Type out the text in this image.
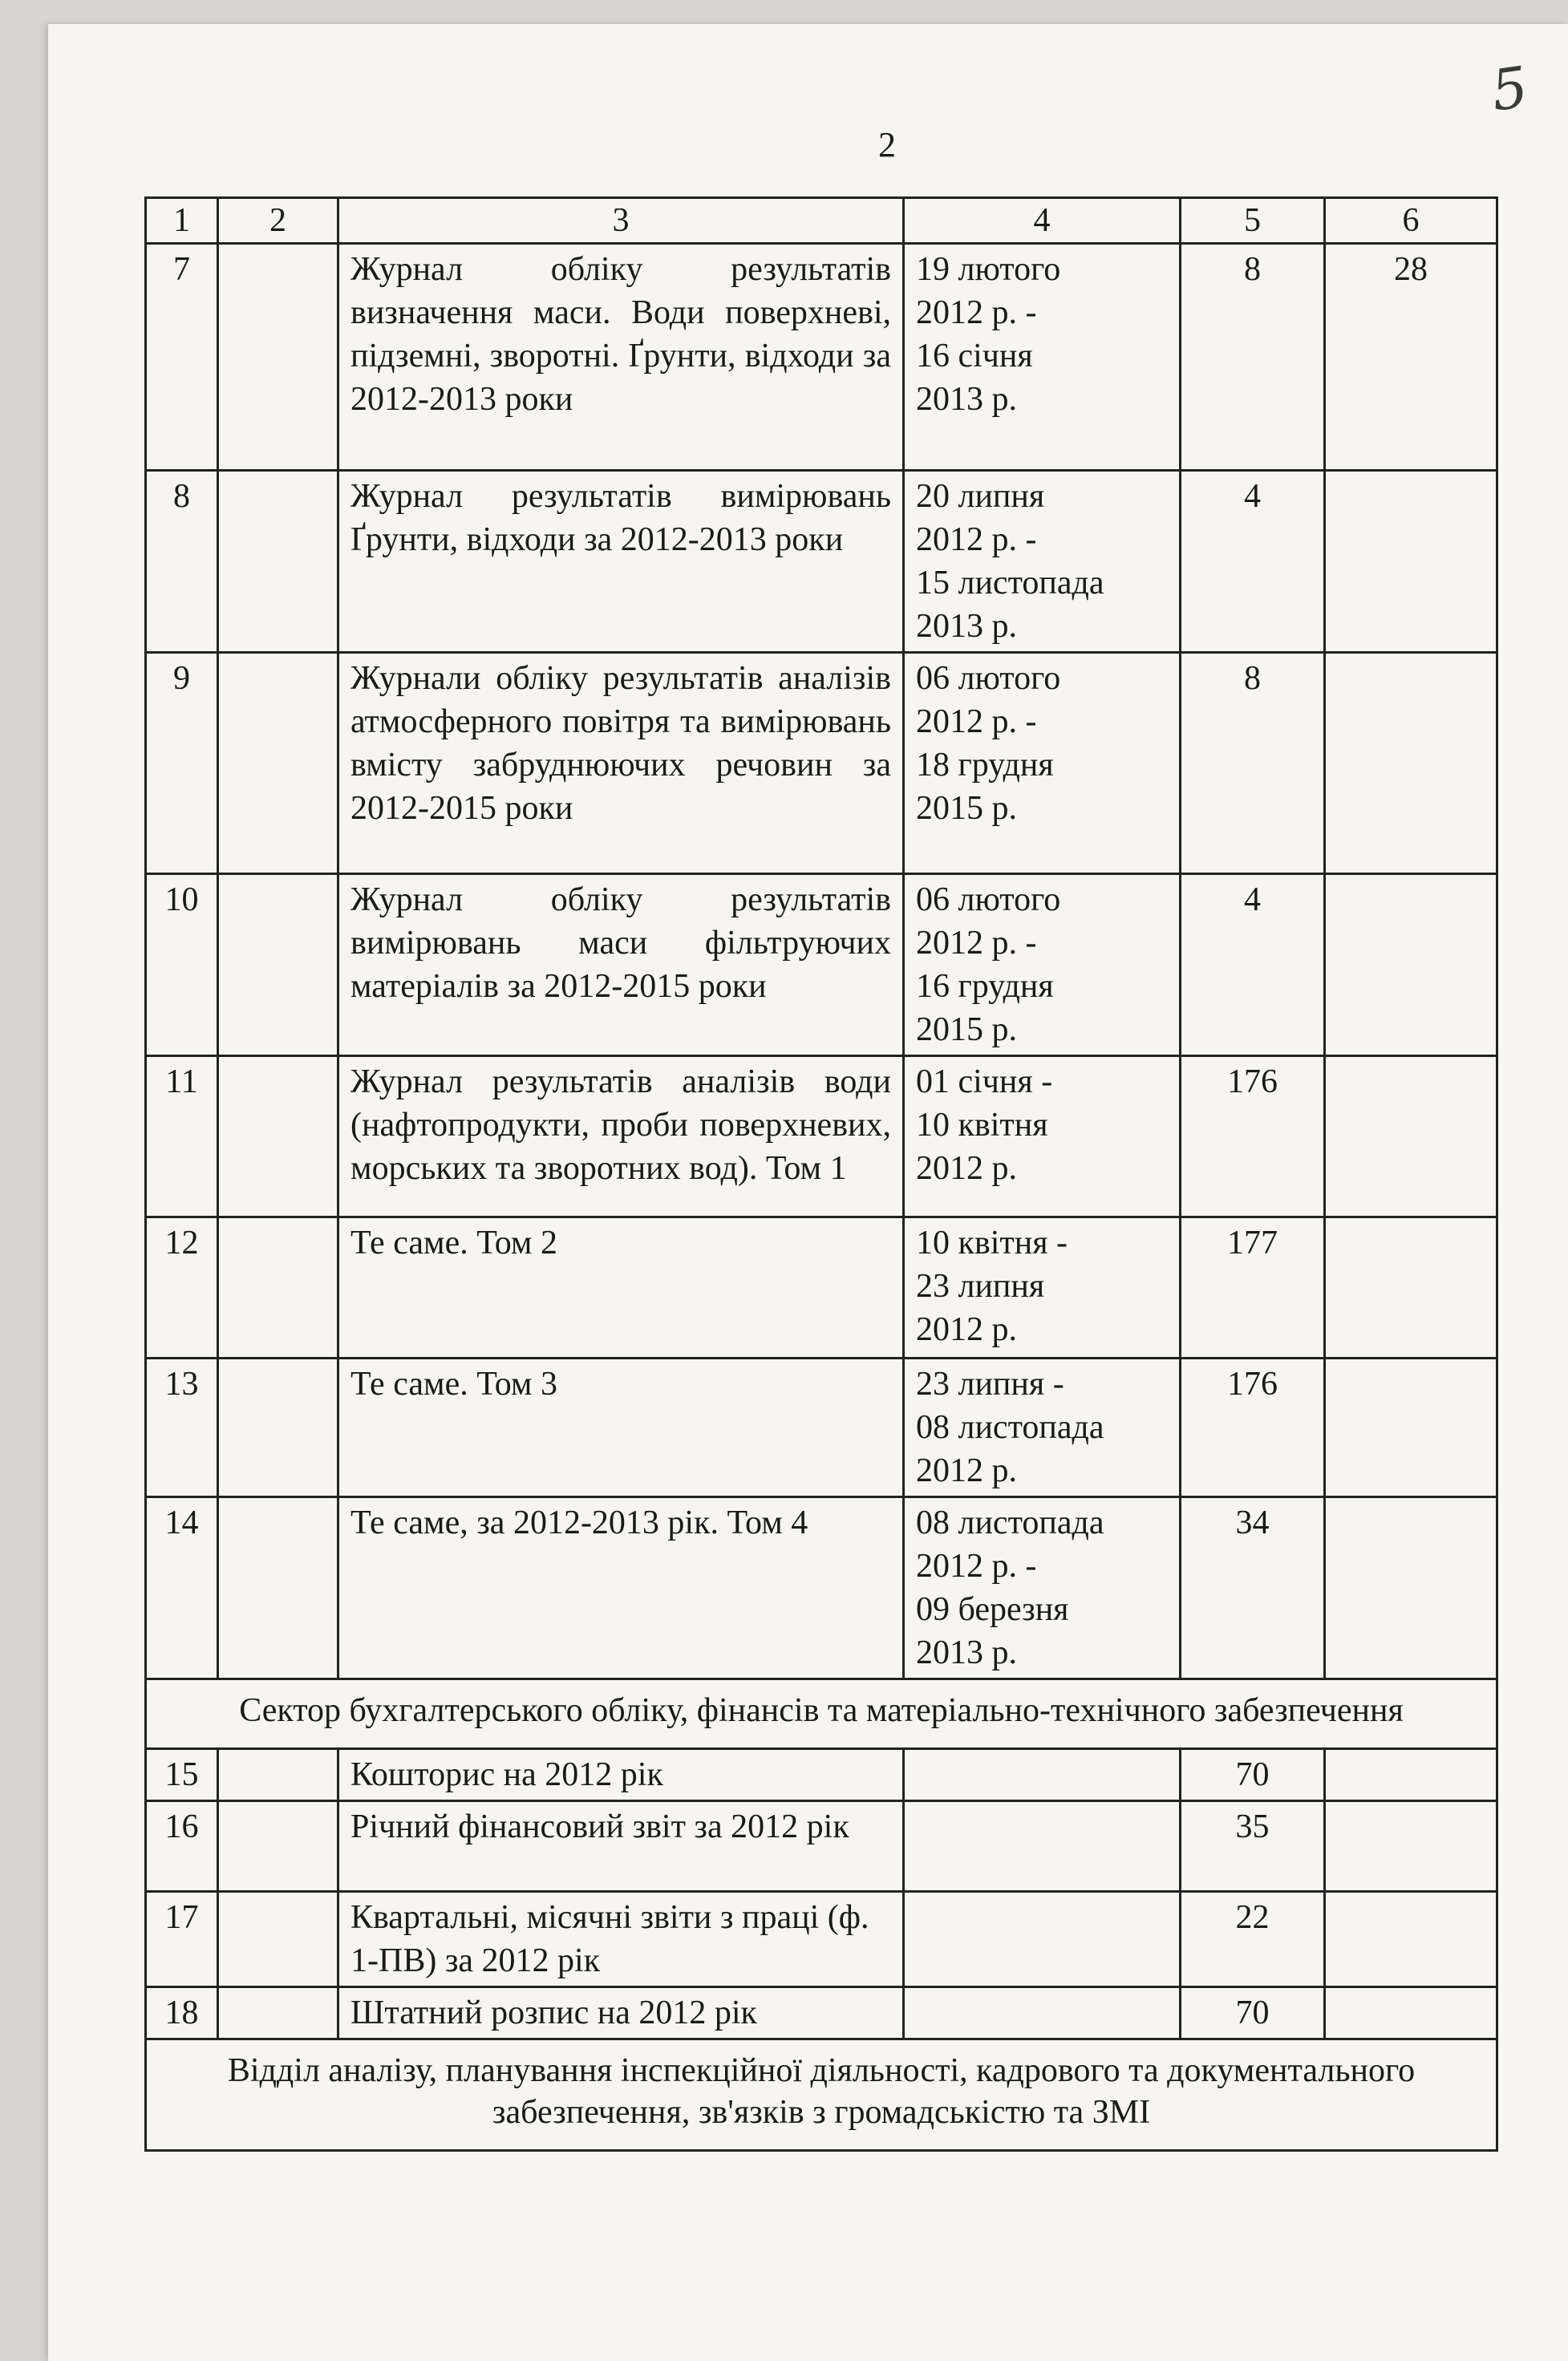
2
5
1	2	3	4	5	6
7		Журнал обліку результатів визначення маси. Води поверхневі, підземні, зворотні. Ґрунти, відходи за 2012-2013 роки	19 лютого
2012 р. -
16 січня
2013 р.	8	28
8		Журнал результатів вимірювань Ґрунти, відходи за 2012-2013 роки	20 липня
2012 р. -
15 листопада
2013 р.	4	
9		Журнали обліку результатів аналізів атмосферного повітря та вимірювань вмісту забруднюючих речовин за 2012-2015 роки	06 лютого
2012 р. -
18 грудня
2015 р.	8	
10		Журнал обліку результатів вимірювань маси фільтруючих матеріалів за 2012-2015 роки	06 лютого
2012 р. -
16 грудня
2015 р.	4	
11		Журнал результатів аналізів води (нафтопродукти, проби поверхневих, морських та зворотних вод). Том 1	01 січня -
10 квітня
2012 р.	176	
12		Те саме. Том 2	10 квітня -
23 липня
2012 р.	177	
13		Те саме. Том 3	23 липня -
08 листопада
2012 р.	176	
14		Те саме, за 2012-2013 рік. Том 4	08 листопада
2012 р. -
09 березня
2013 р.	34	
Сектор бухгалтерського обліку, фінансів та матеріально-технічного забезпечення					
15		Кошторис на 2012 рік		70	
16		Річний фінансовий звіт за 2012 рік		35	
17		Квартальні, місячні звіти з праці (ф. 1-ПВ) за 2012 рік		22	
18		Штатний розпис на 2012 рік		70	
Відділ аналізу, планування інспекційної діяльності, кадрового та документального забезпечення, зв'язків з громадськістю та ЗМІ					
